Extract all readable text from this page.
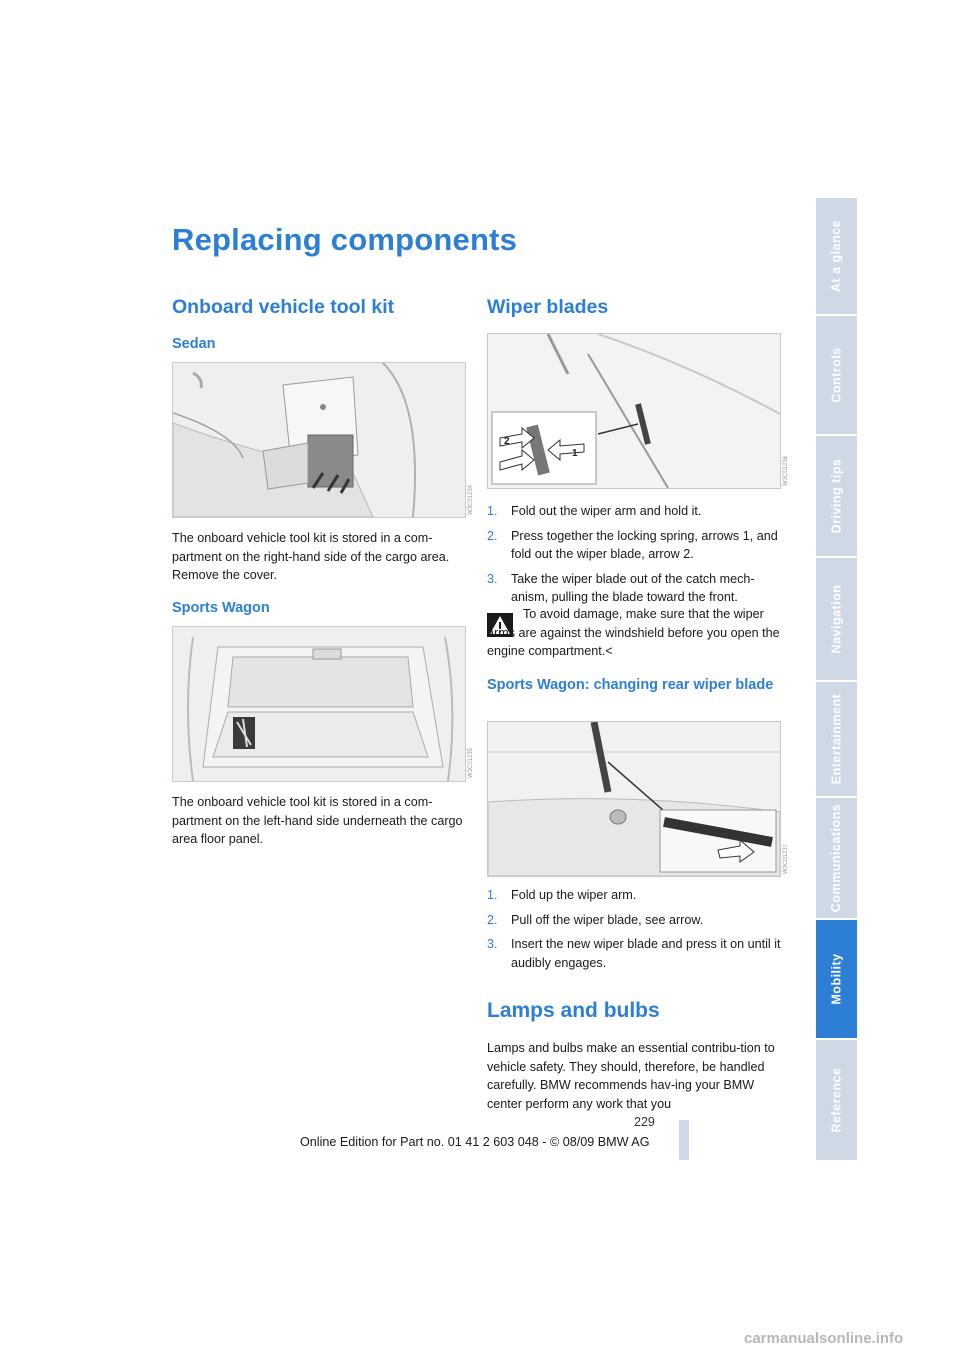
Replacing components
Onboard vehicle tool kit
Sedan
W3C01234

The onboard vehicle tool kit is stored in a com-partment on the right-hand side of the cargo area. Remove the cover.

Sports Wagon
W3C01235

The onboard vehicle tool kit is stored in a com-partment on the left-hand side underneath the cargo area floor panel.

Wiper blades
2
1
W3C01236
1. Fold out the wiper arm and hold it.
2. Press together the locking spring, arrows 1, and fold out the wiper blade, arrow 2.
3. Take the wiper blade out of the catch mech-anism, pulling the blade toward the front.

To avoid damage, make sure that the wiper arms are against the windshield before you open the engine compartment.<

Sports Wagon: changing rear wiper blade
W3C01237
1. Fold up the wiper arm.
2. Pull off the wiper blade, see arrow.
3. Insert the new wiper blade and press it on until it audibly engages.
Lamps and bulbs

Lamps and bulbs make an essential contribu-tion to vehicle safety. They should, therefore, be handled carefully. BMW recommends hav-ing your BMW center perform any work that you

At a glance
Controls
Driving tips
Navigation
Entertainment
Communications
Mobility
Reference
229
Online Edition for Part no. 01 41 2 603 048 - © 08/09 BMW AG
carmanualsonline.info
